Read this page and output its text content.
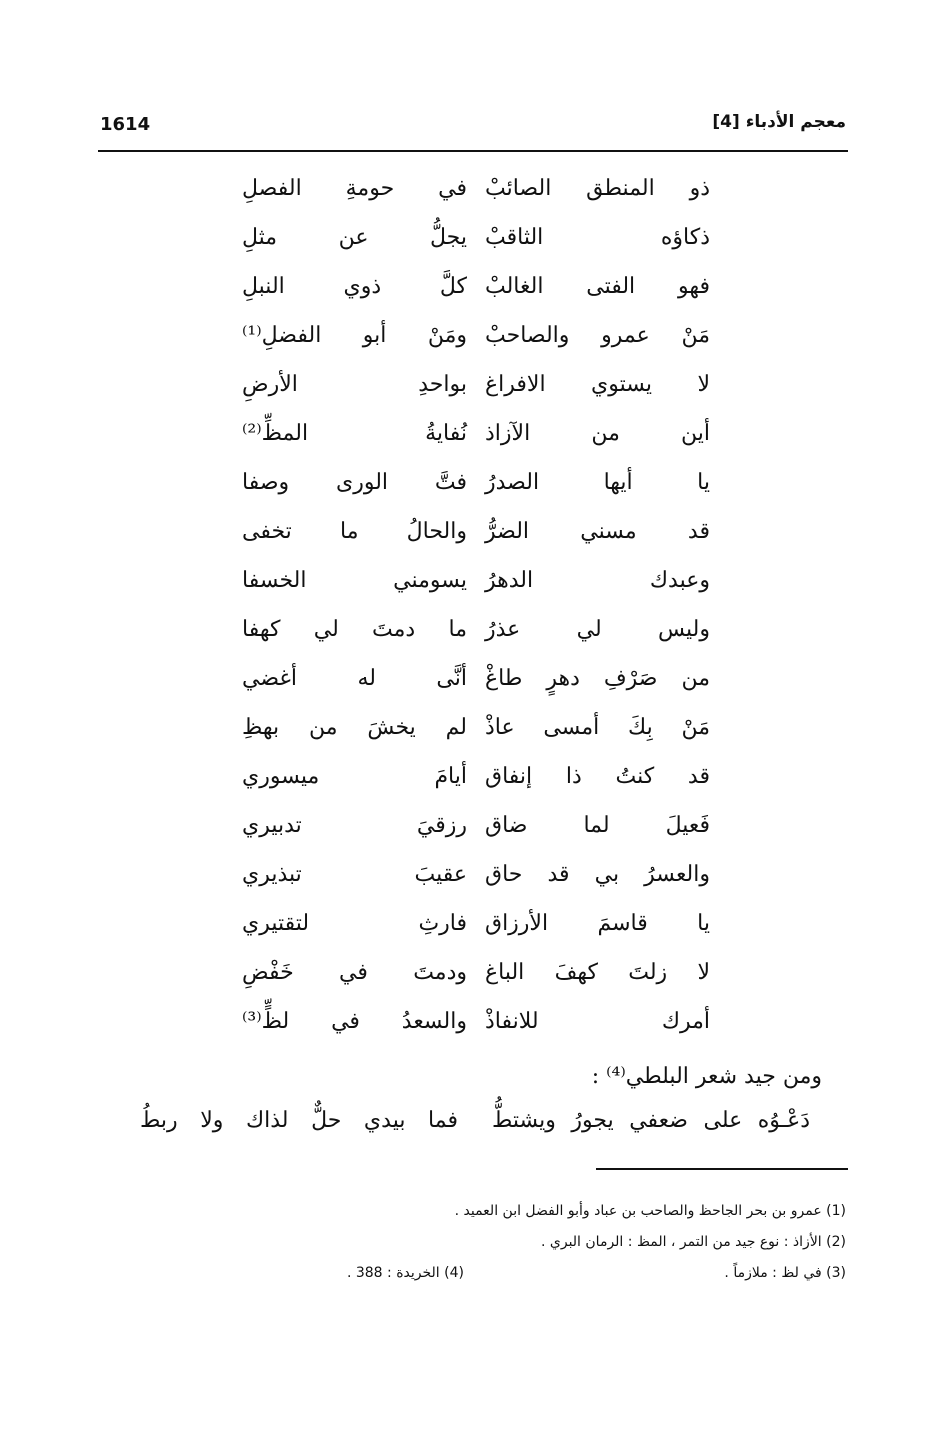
1614	معجم الأدباء [4]
ذو المنطق الصائبْ
في حومةِ الفصلِ
ذكاؤه الثاقبْ
يجلُّ عن مثلِ
فهو الفتى الغالبْ
كلَّ ذوي النبلِ
مَنْ عمرو والصاحبْ
ومَنْ أبو الفضلِ⁽¹⁾
لا يستوي الافراغ
بواحدِ الأرضِ
أين من الآزاذ
نُفايةُ المظِّ⁽²⁾
يا أيها الصدرُ
فتَّ الورى وصفا
قد مسني الضرُّ
والحالُ ما تخفى
وعبدك الدهرُ
يسومني الخسفا
وليس لي عذرُ
ما دمتَ لي كهفا
من صَرْفِ دهرٍ طاغْ
أنَّى له أغضي
مَنْ بِكَ أمسى عاذْ
لم يخشَ من بهظِ
قد كنتُ ذا إنفاق
أيامَ ميسوري
فَعيلَ لما ضاق
رزقيَ تدبيري
والعسرُ بي قد حاق
عقيبَ تبذيري
يا قاسمَ الأرزاق
فارثِ لتقتيري
لا زلتَ كهفَ الباغ
ودمتَ في خَفْضِ
أمرك للانفاذْ
والسعدُ في لظٍّ⁽³⁾
ومن جيد شعر البلطي⁽⁴⁾ :
دَعْـوُه على ضعفي يجورُ ويشتطُّ
فما بيدي حلٌّ لذاك ولا ربطُ
(1) عمرو بن بحر الجاحظ والصاحب بن عباد وأبو الفضل ابن العميد .
(2) الأزاذ : نوع جيد من التمر ، المظ : الرمان البري .
(3) في لظ : ملازماً .
(4) الخريدة : 388 .
